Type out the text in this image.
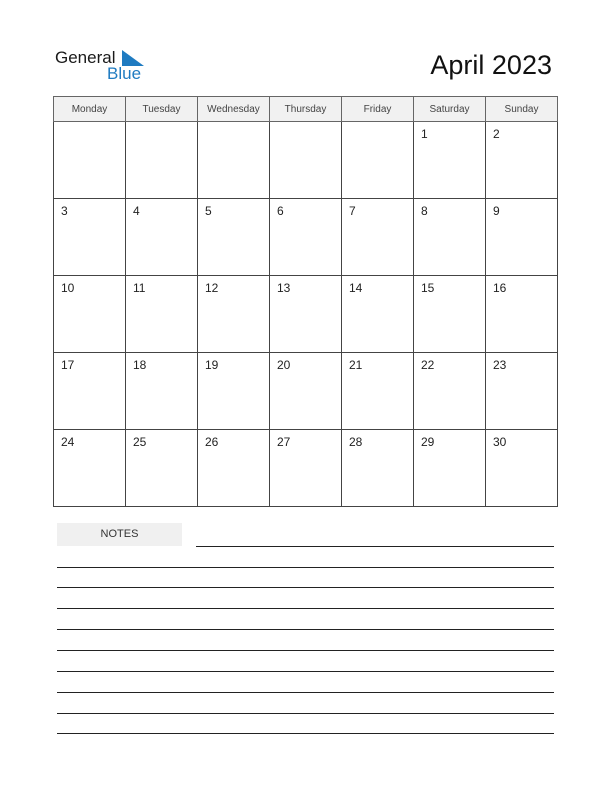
General
Blue	April 2023
Monday	Tuesday	Wednesday	Thursday	Friday	Saturday	Sunday

					1	2

3	4	5	6	7	8	9

10	11	12	13	14	15	16

17	18	19	20	21	22	23

24	25	26	27	28	29	30
NOTES
